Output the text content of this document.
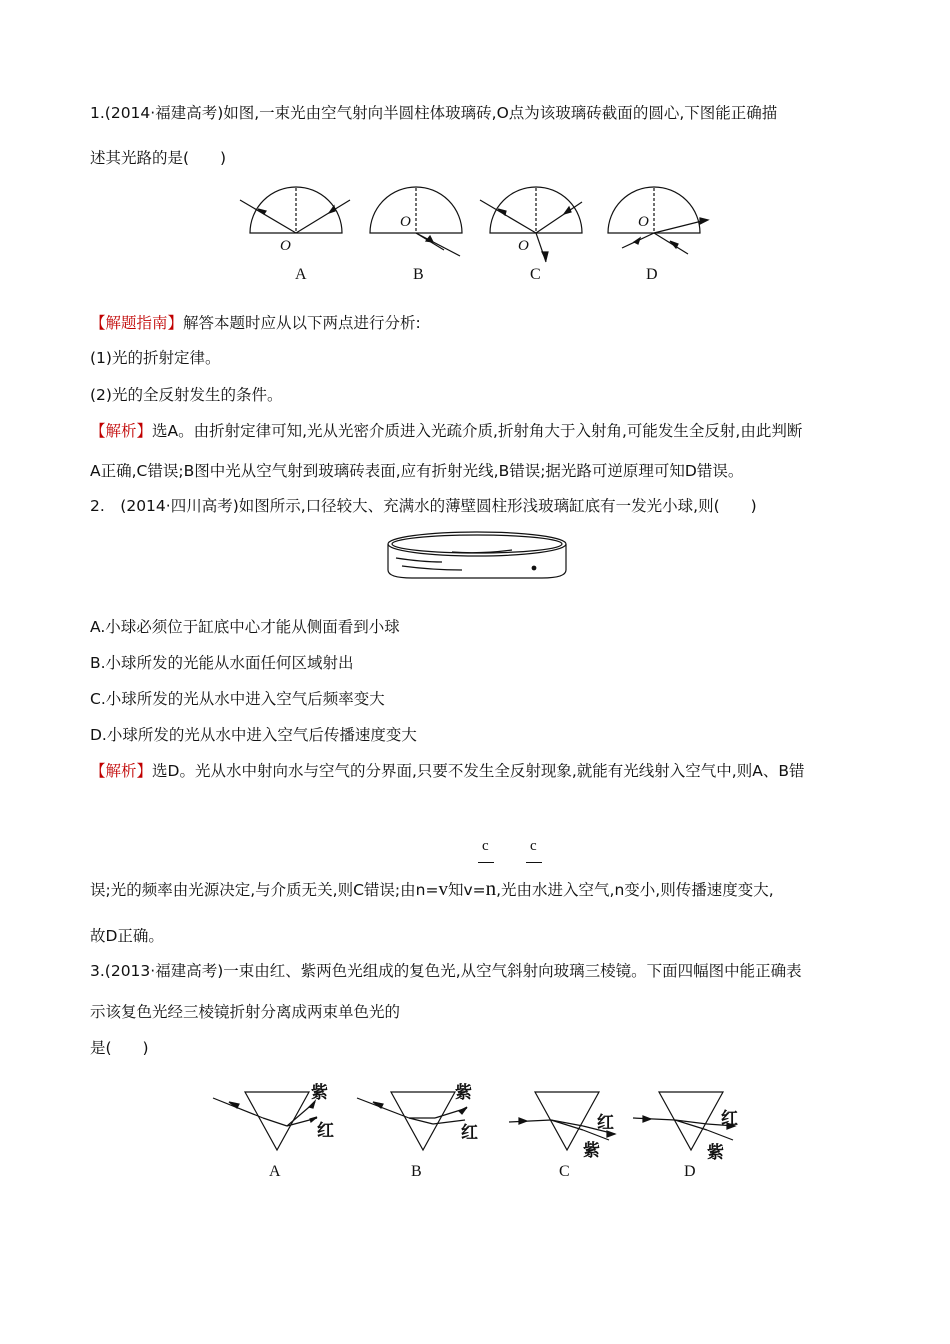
1.(2014·福建高考)如图,一束光由空气射向半圆柱体玻璃砖,O点为该玻璃砖截面的圆心,下图能正确描
述其光路的是(　　)
O
O
O
O
A	B	C	D
【解题指南】解答本题时应从以下两点进行分析:
(1)光的折射定律。
(2)光的全反射发生的条件。
【解析】选A。由折射定律可知,光从光密介质进入光疏介质,折射角大于入射角,可能发生全反射,由此判断
A正确,C错误;B图中光从空气射到玻璃砖表面,应有折射光线,B错误;据光路可逆原理可知D错误。
2.　(2014·四川高考)如图所示,口径较大、充满水的薄壁圆柱形浅玻璃缸底有一发光小球,则(　　)
A.小球必须位于缸底中心才能从侧面看到小球
B.小球所发的光能从水面任何区域射出
C.小球所发的光从水中进入空气后频率变大
D.小球所发的光从水中进入空气后传播速度变大
【解析】选D。光从水中射向水与空气的分界面,只要不发生全反射现象,就能有光线射入空气中,则A、B错
c	c
误;光的频率由光源决定,与介质无关,则C错误;由n=v知v=n,光由水进入空气,n变小,则传播速度变大,
故D正确。
3.(2013·福建高考)一束由红、紫两色光组成的复色光,从空气斜射向玻璃三棱镜。下面四幅图中能正确表
示该复色光经三棱镜折射分离成两束单色光的
是(　　)
紫
红
紫
红
红
紫
红
紫
A	B	C	D
